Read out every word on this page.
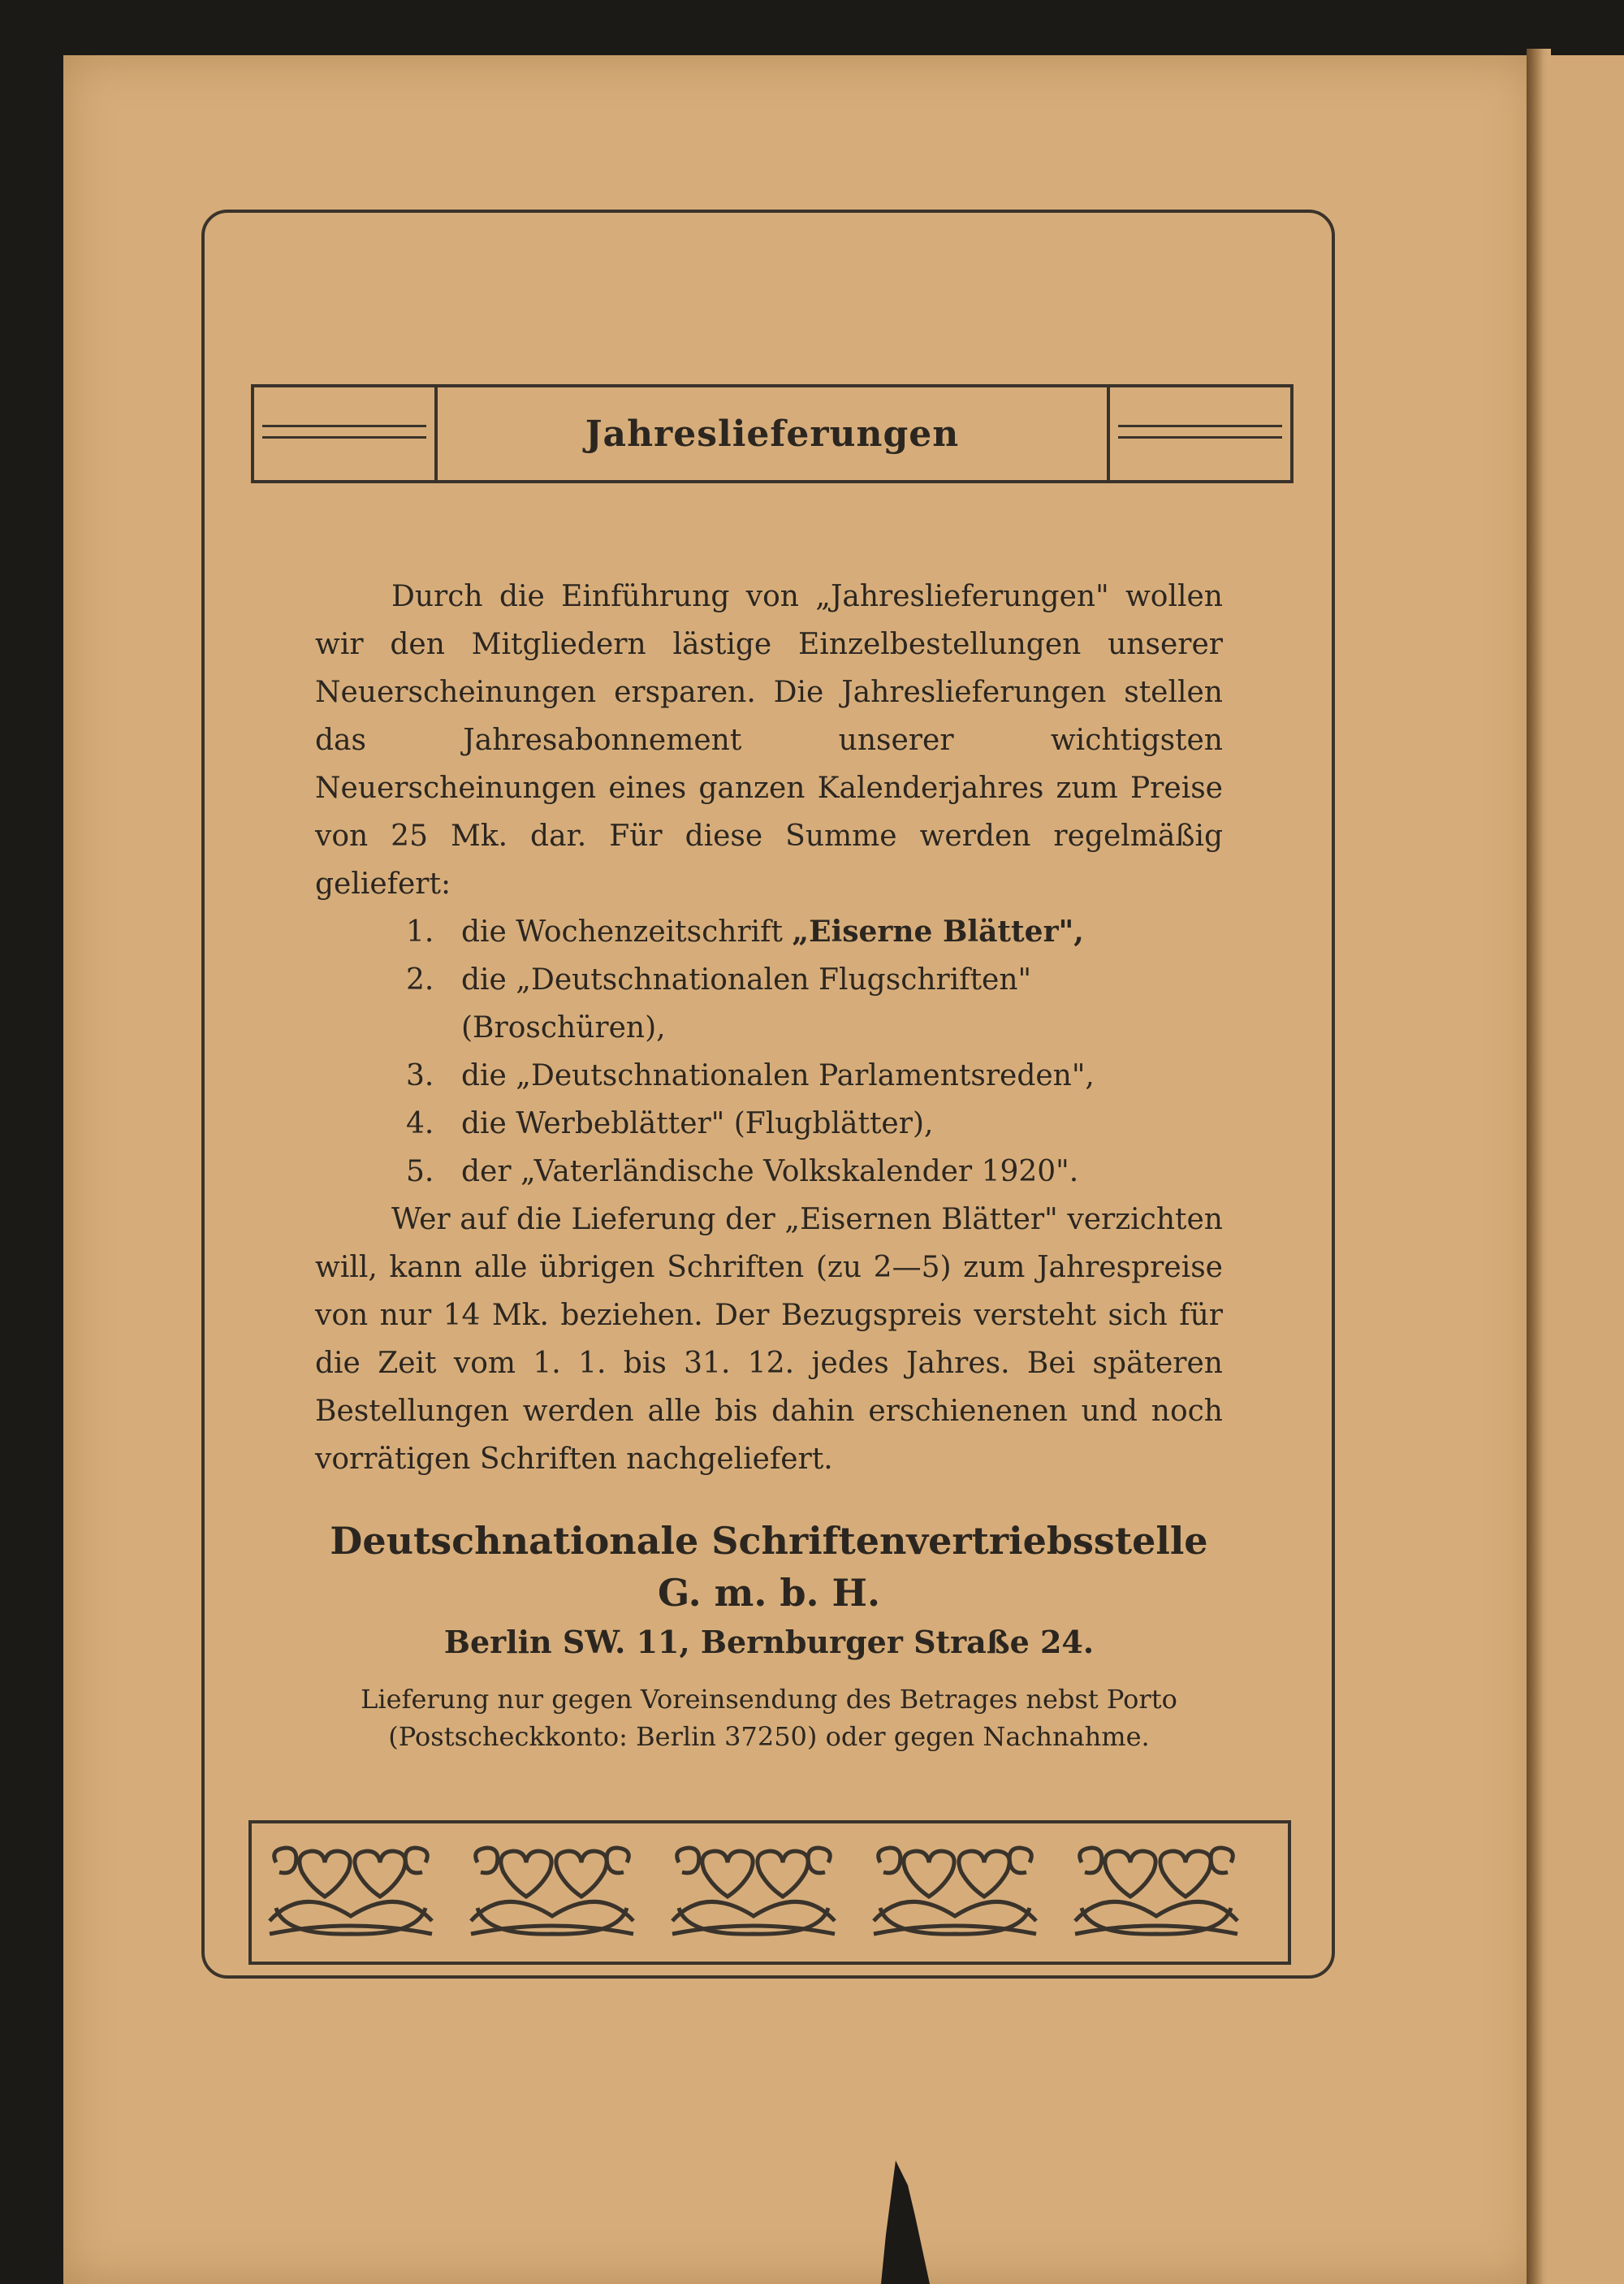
Jahreslieferungen

Durch die Einführung von „Jahreslieferungen" wollen wir den Mitgliedern lästige Einzelbestellungen unserer Neuerscheinungen ersparen. Die Jahreslieferungen stellen das Jahresabonnement unserer wichtigsten Neuerscheinungen eines ganzen Kalenderjahres zum Preise von 25 Mk. dar. Für diese Summe werden regelmäßig geliefert:

1. die Wochenzeitschrift „Eiserne Blätter",
2. die „Deutschnationalen Flugschriften" (Broschüren),
3. die „Deutschnationalen Parlamentsreden",
4. die Werbeblätter" (Flugblätter),
5. der „Vaterländische Volkskalender 1920".

Wer auf die Lieferung der „Eisernen Blätter" verzichten will, kann alle übrigen Schriften (zu 2—5) zum Jahrespreise von nur 14 Mk. beziehen. Der Bezugspreis versteht sich für die Zeit vom 1. 1. bis 31. 12. jedes Jahres. Bei späteren Bestellungen werden alle bis dahin erschienenen und noch vorrätigen Schriften nachgeliefert.

Deutschnationale Schriftenvertriebsstelle G. m. b. H.
Berlin SW. 11, Bernburger Straße 24.
Lieferung nur gegen Voreinsendung des Betrages nebst Porto
(Postscheckkonto: Berlin 37250) oder gegen Nachnahme.
